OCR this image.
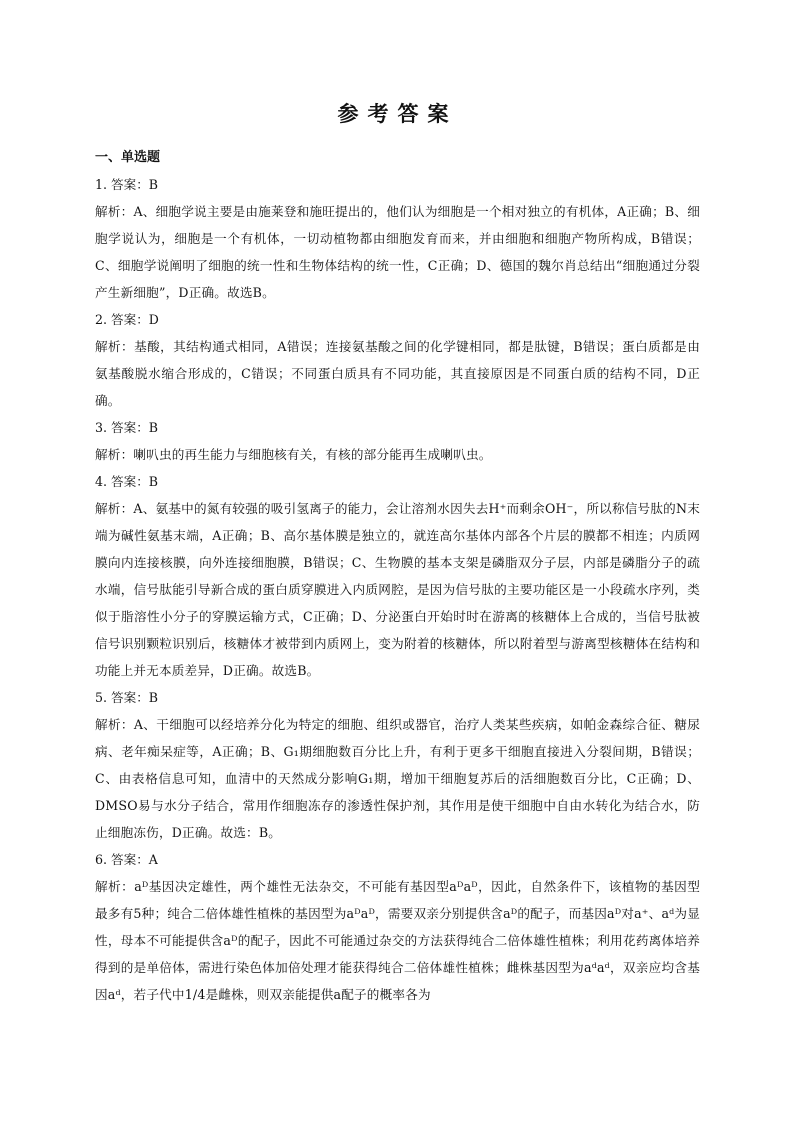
参考答案
一、单选题
1. 答案：B
解析：A、细胞学说主要是由施莱登和施旺提出的，他们认为细胞是一个相对独立的有机体，A正确；B、细胞学说认为，细胞是一个有机体，一切动植物都由细胞发育而来，并由细胞和细胞产物所构成，B错误；C、细胞学说阐明了细胞的统一性和生物体结构的统一性，C正确；D、德国的魏尔肖总结出“细胞通过分裂产生新细胞”，D正确。故选B。
2. 答案：D
解析：基酸，其结构通式相同，A错误；连接氨基酸之间的化学键相同，都是肽键，B错误；蛋白质都是由氨基酸脱水缩合形成的，C错误；不同蛋白质具有不同功能，其直接原因是不同蛋白质的结构不同，D正确。
3. 答案：B
解析：喇叭虫的再生能力与细胞核有关，有核的部分能再生成喇叭虫。
4. 答案：B
解析：A、氨基中的氮有较强的吸引氢离子的能力，会让溶剂水因失去H⁺而剩余OH⁻，所以称信号肽的N末端为碱性氨基末端，A正确；B、高尔基体膜是独立的，就连高尔基体内部各个片层的膜都不相连；内质网膜向内连接核膜，向外连接细胞膜，B错误；C、生物膜的基本支架是磷脂双分子层，内部是磷脂分子的疏水端，信号肽能引导新合成的蛋白质穿膜进入内质网腔，是因为信号肽的主要功能区是一小段疏水序列，类似于脂溶性小分子的穿膜运输方式，C正确；D、分泌蛋白开始时时在游离的核糖体上合成的，当信号肽被信号识别颗粒识别后，核糖体才被带到内质网上，变为附着的核糖体，所以附着型与游离型核糖体在结构和功能上并无本质差异，D正确。故选B。
5. 答案：B
解析：A、干细胞可以经培养分化为特定的细胞、组织或器官，治疗人类某些疾病，如帕金森综合征、糖尿病、老年痴呆症等，A正确；B、G₁期细胞数百分比上升，有利于更多干细胞直接进入分裂间期，B错误；C、由表格信息可知，血清中的天然成分影响G₁期，增加干细胞复苏后的活细胞数百分比，C正确；D、DMSO易与水分子结合，常用作细胞冻存的渗透性保护剂，其作用是使干细胞中自由水转化为结合水，防止细胞冻伤，D正确。故选：B。
6. 答案：A
解析：aᴰ基因决定雄性，两个雄性无法杂交，不可能有基因型aᴰaᴰ，因此，自然条件下，该植物的基因型最多有5种；纯合二倍体雄性植株的基因型为aᴰaᴰ，需要双亲分别提供含aᴰ的配子，而基因aᴰ对a⁺、aᵈ为显性，母本不可能提供含aᴰ的配子，因此不可能通过杂交的方法获得纯合二倍体雄性植株；利用花药离体培养得到的是单倍体，需进行染色体加倍处理才能获得纯合二倍体雄性植株；雌株基因型为aᵈaᵈ，双亲应均含基因aᵈ，若子代中1/4是雌株，则双亲能提供a配子的概率各为
